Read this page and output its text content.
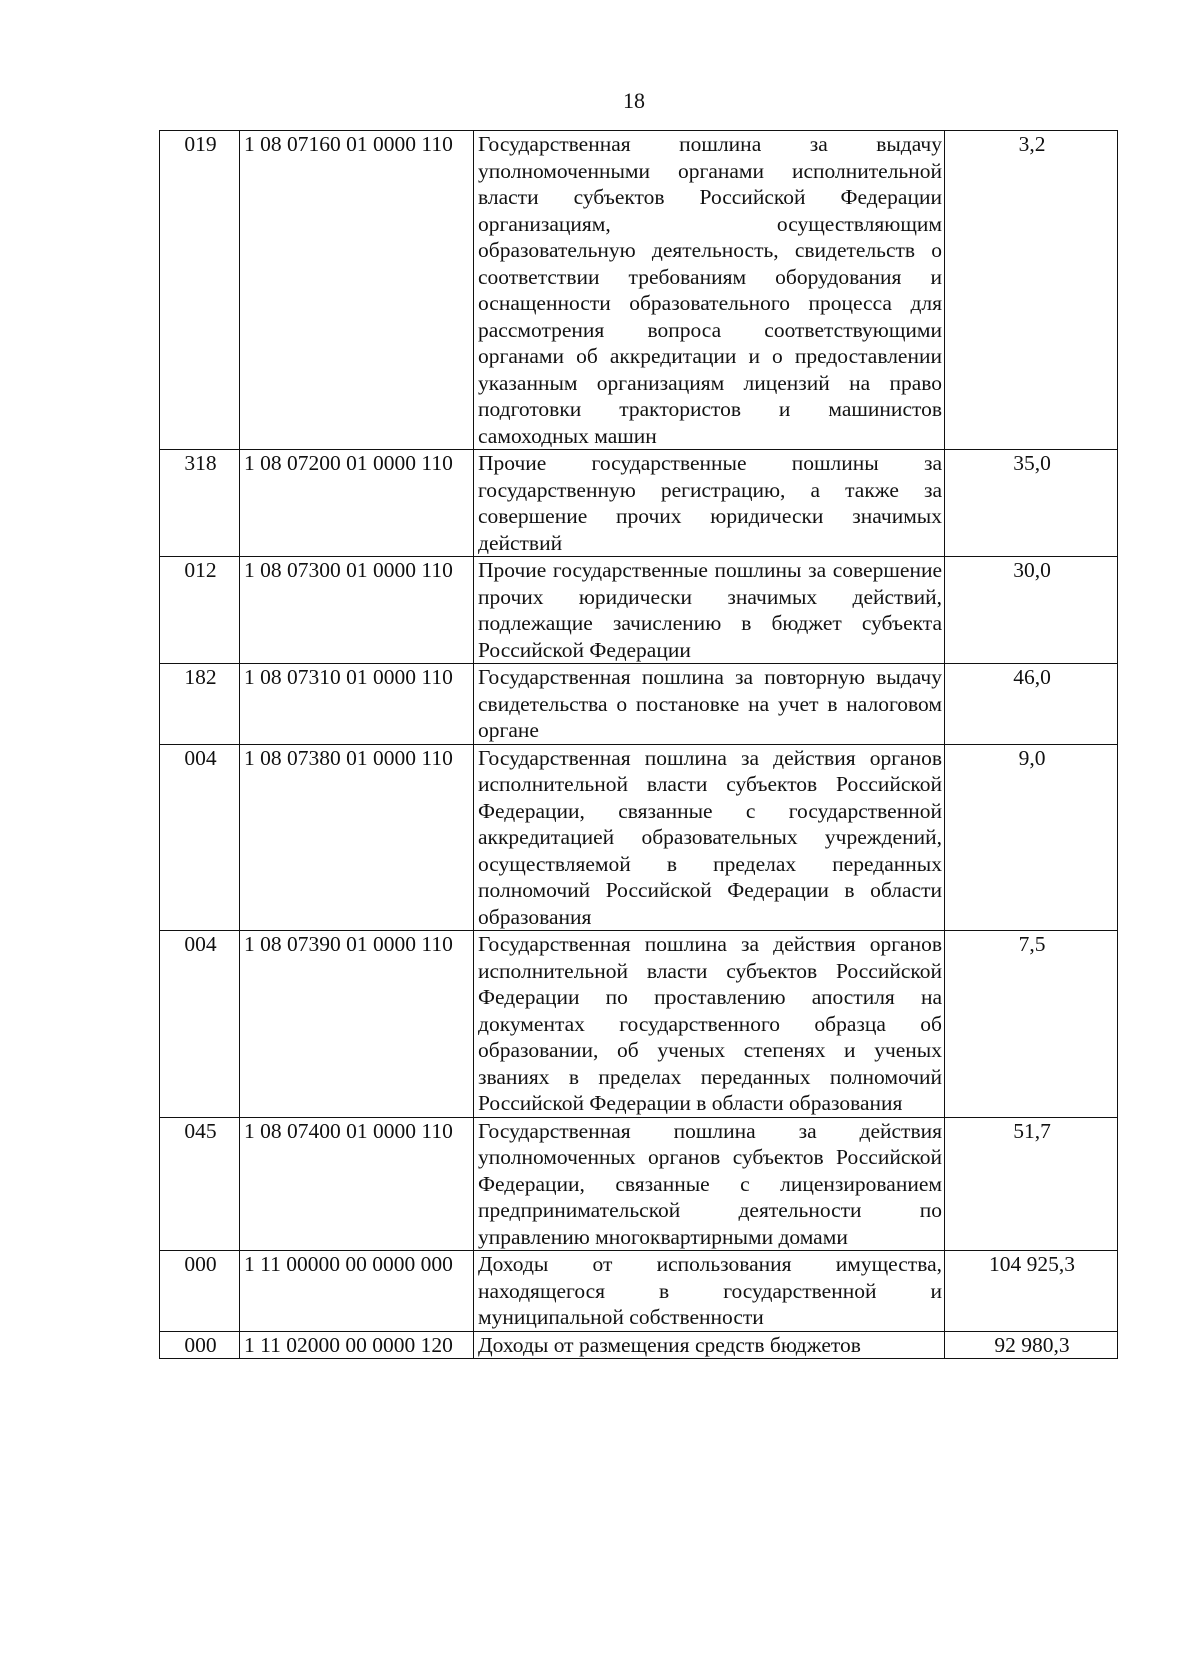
18
019	1 08 07160 01 0000 110	Государственная пошлина за выдачу уполномоченными органами исполнительной власти субъектов Российской Федерации организациям, осуществляющим образовательную деятельность, свидетельств о соответствии требованиям оборудования и оснащенности образовательного процесса для рассмотрения вопроса соответствующими органами об аккредитации и о предоставлении указанным организациям лицензий на право подготовки трактористов и машинистов самоходных машин	3,2
318	1 08 07200 01 0000 110	Прочие государственные пошлины за государственную регистрацию, а также за совершение прочих юридически значимых действий	35,0
012	1 08 07300 01 0000 110	Прочие государственные пошлины за совершение прочих юридически значимых действий, подлежащие зачислению в бюджет субъекта Российской Федерации	30,0
182	1 08 07310 01 0000 110	Государственная пошлина за повторную выдачу свидетельства о постановке на учет в налоговом органе	46,0
004	1 08 07380 01 0000 110	Государственная пошлина за действия органов исполнительной власти субъектов Российской Федерации, связанные с государственной аккредитацией образовательных учреждений, осуществляемой в пределах переданных полномочий Российской Федерации в области образования	9,0
004	1 08 07390 01 0000 110	Государственная пошлина за действия органов исполнительной власти субъектов Российской Федерации по проставлению апостиля на документах государственного образца об образовании, об ученых степенях и ученых званиях в пределах переданных полномочий Российской Федерации в области образования	7,5
045	1 08 07400 01 0000 110	Государственная пошлина за действия уполномоченных органов субъектов Российской Федерации, связанные с лицензированием предпринимательской деятельности по управлению многоквартирными домами	51,7
000	1 11 00000 00 0000 000	Доходы от использования имущества, находящегося в государственной и муниципальной собственности	104 925,3
000	1 11 02000 00 0000 120	Доходы от размещения средств бюджетов	92 980,3
